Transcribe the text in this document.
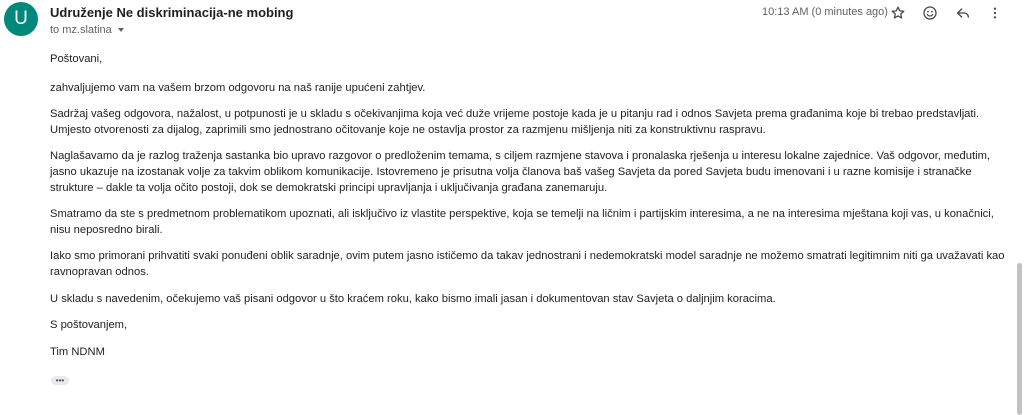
U	Udruženje Ne diskriminacija-ne mobing
to mz.slatina
10:13 AM (0 minutes ago)

Poštovani,

zahvaljujemo vam na vašem brzom odgovoru na naš ranije upućeni zahtjev.

Sadržaj vašeg odgovora, nažalost, u potpunosti je u skladu s očekivanjima koja već duže vrijeme postoje kada je u pitanju rad i odnos Savjeta prema građanima koje bi trebao predstavljati. Umjesto otvorenosti za dijalog, zaprimili smo jednostrano očitovanje koje ne ostavlja prostor za razmjenu mišljenja niti za konstruktivnu raspravu.

Naglašavamo da je razlog traženja sastanka bio upravo razgovor o predloženim temama, s ciljem razmjene stavova i pronalaska rješenja u interesu lokalne zajednice. Vaš odgovor, međutim, jasno ukazuje na izostanak volje za takvim oblikom komunikacije. Istovremeno je prisutna volja članova baš vašeg Savjeta da pored Savjeta budu imenovani i u razne komisije i stranačke strukture – dakle ta volja očito postoji, dok se demokratski principi upravljanja i uključivanja građana zanemaruju.

Smatramo da ste s predmetnom problematikom upoznati, ali isključivo iz vlastite perspektive, koja se temelji na ličnim i partijskim interesima, a ne na interesima mještana koji vas, u konačnici, nisu neposredno birali.

Iako smo primorani prihvatiti svaki ponuđeni oblik saradnje, ovim putem jasno ističemo da takav jednostrani i nedemokratski model saradnje ne možemo smatrati legitimnim niti ga uvažavati kao ravnopravan odnos.

U skladu s navedenim, očekujemo vaš pisani odgovor u što kraćem roku, kako bismo imali jasan i dokumentovan stav Savjeta o daljnjim koracima.

S poštovanjem,

Tim NDNM

•••
